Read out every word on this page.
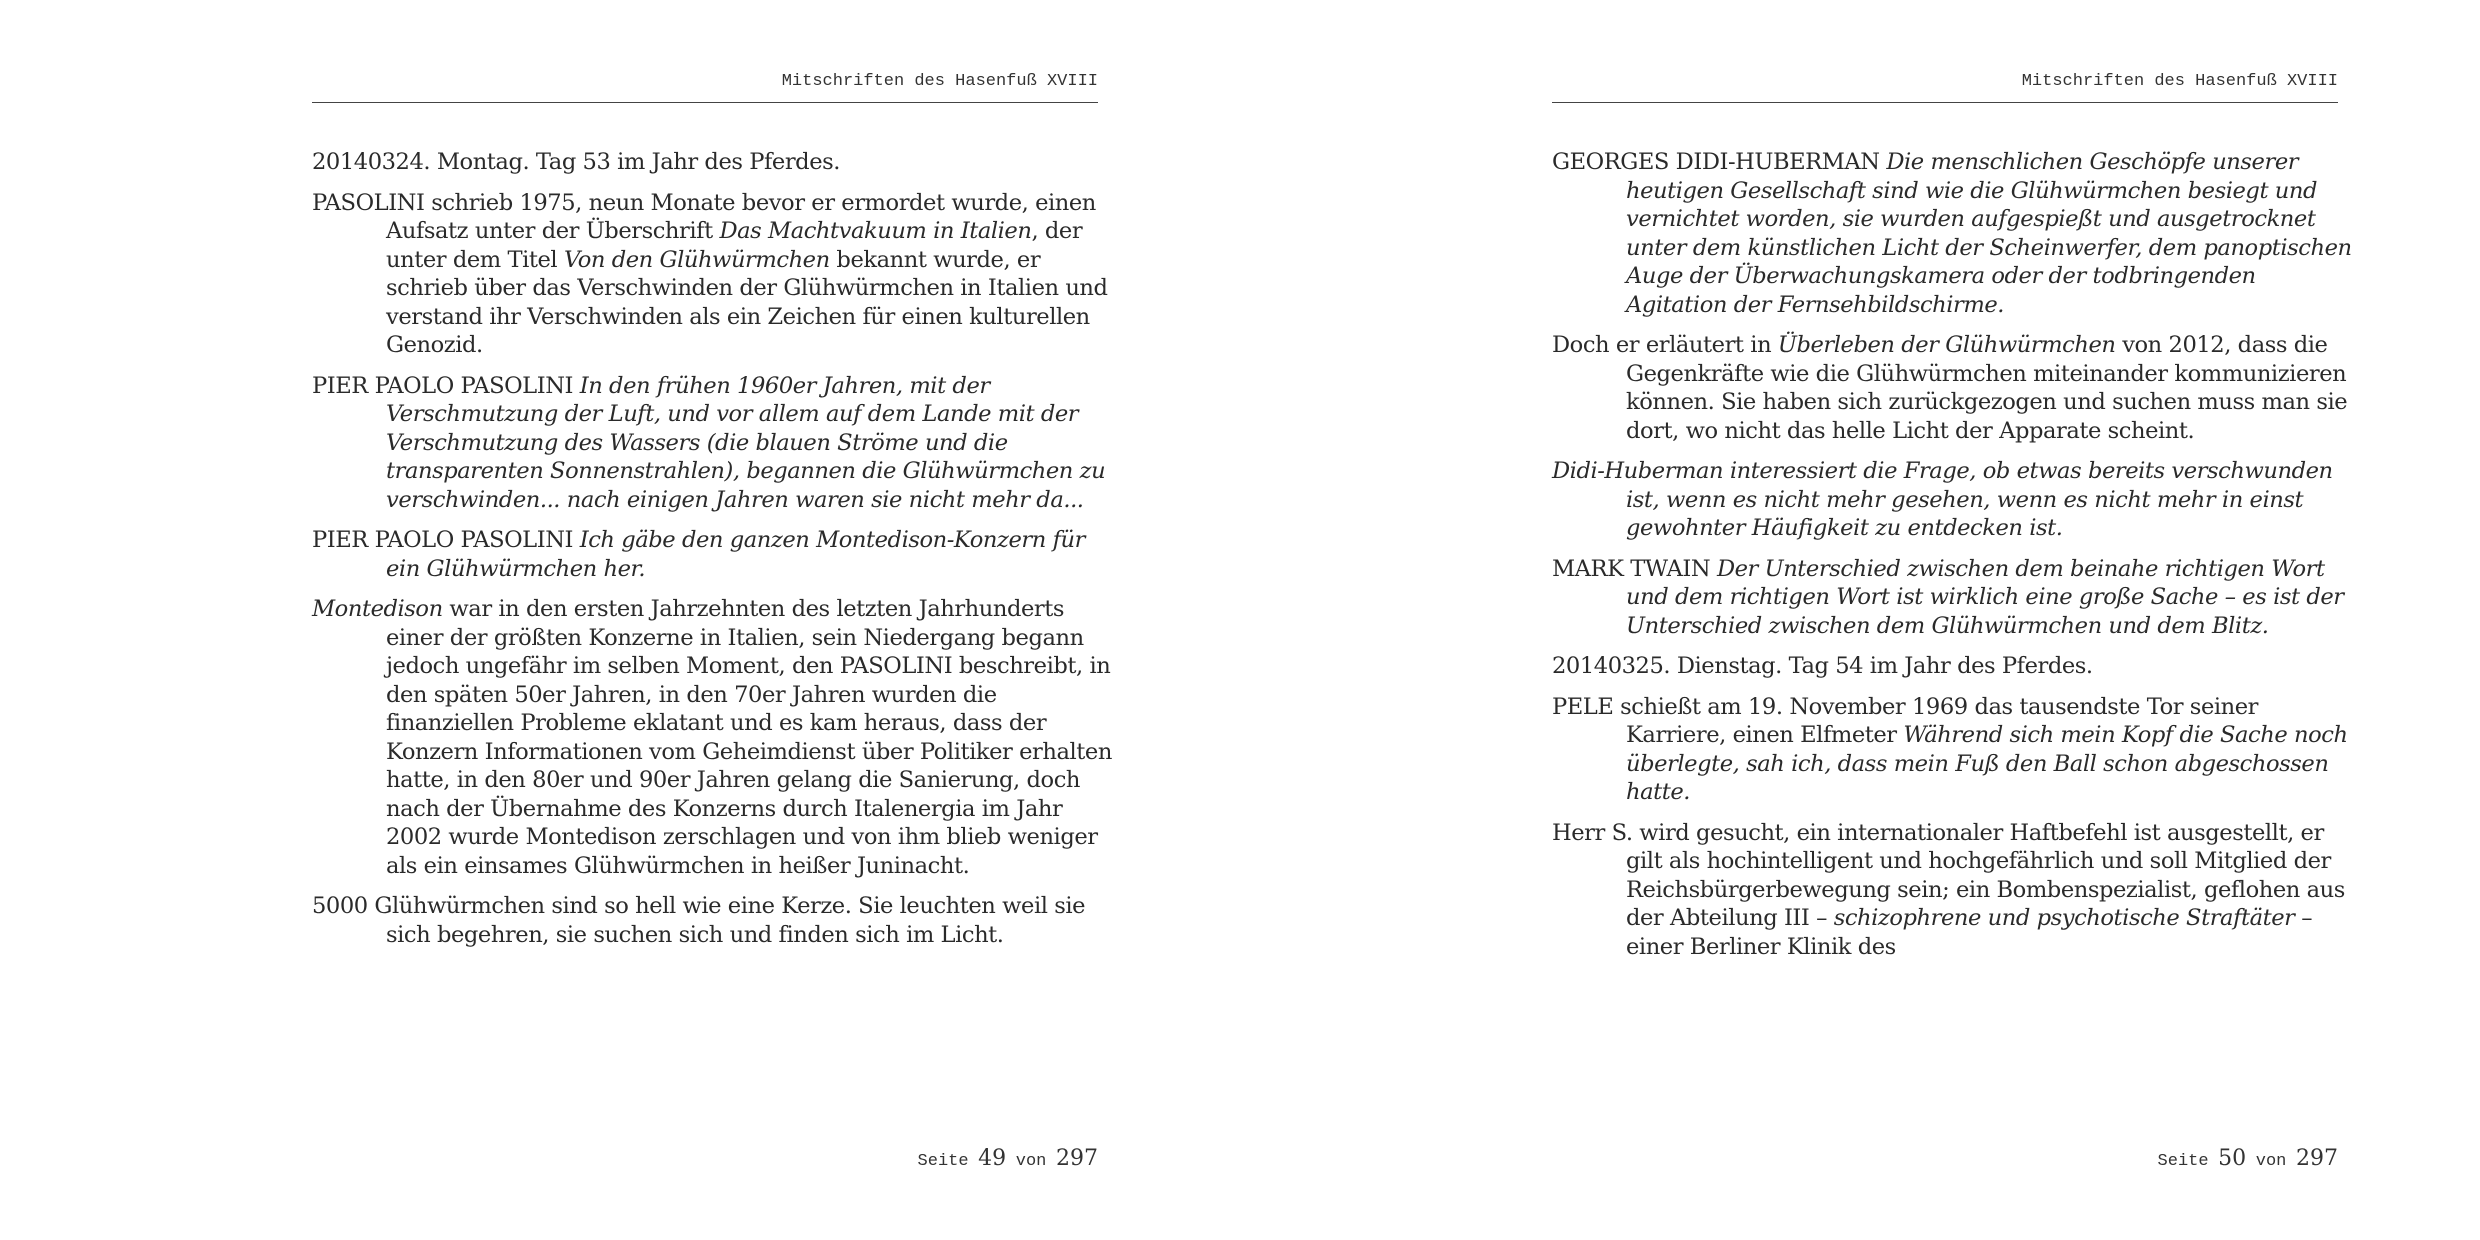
Mitschriften des Hasenfuß XVIII

20140324. Montag. Tag 53 im Jahr des Pferdes.

PASOLINI schrieb 1975, neun Monate bevor er ermordet wurde, einen Aufsatz unter der Überschrift Das Machtvakuum in Italien, der unter dem Titel Von den Glühwürmchen bekannt wurde, er schrieb über das Verschwinden der Glühwürmchen in Italien und verstand ihr Verschwinden als ein Zeichen für einen kulturellen Genozid.

PIER PAOLO PASOLINI In den frühen 1960er Jahren, mit der Verschmutzung der Luft, und vor allem auf dem Lande mit der Verschmutzung des Wassers (die blauen Ströme und die transparenten Sonnenstrahlen), begannen die Glühwürmchen zu verschwinden... nach einigen Jahren waren sie nicht mehr da...

PIER PAOLO PASOLINI Ich gäbe den ganzen Montedison-Konzern für ein Glühwürmchen her.

Montedison war in den ersten Jahrzehnten des letzten Jahrhunderts einer der größten Konzerne in Italien, sein Niedergang begann jedoch ungefähr im selben Moment, den PASOLINI beschreibt, in den späten 50er Jahren, in den 70er Jahren wurden die finanziellen Probleme eklatant und es kam heraus, dass der Konzern Informationen vom Geheimdienst über Politiker erhalten hatte, in den 80er und 90er Jahren gelang die Sanierung, doch nach der Übernahme des Konzerns durch Italenergia im Jahr 2002 wurde Montedison zerschlagen und von ihm blieb weniger als ein einsames Glühwürmchen in heißer Juninacht.

5000 Glühwürmchen sind so hell wie eine Kerze. Sie leuchten weil sie sich begehren, sie suchen sich und finden sich im Licht.

Seite 49 von 297
Mitschriften des Hasenfuß XVIII

GEORGES DIDI-HUBERMAN Die menschlichen Geschöpfe unserer heutigen Gesellschaft sind wie die Glühwürmchen besiegt und vernichtet worden, sie wurden aufgespießt und ausgetrocknet unter dem künstlichen Licht der Scheinwerfer, dem panoptischen Auge der Überwachungskamera oder der todbringenden Agitation der Fernsehbildschirme.

Doch er erläutert in Überleben der Glühwürmchen von 2012, dass die Gegenkräfte wie die Glühwürmchen miteinander kommunizieren können. Sie haben sich zurückgezogen und suchen muss man sie dort, wo nicht das helle Licht der Apparate scheint.

Didi-Huberman interessiert die Frage, ob etwas bereits verschwunden ist, wenn es nicht mehr gesehen, wenn es nicht mehr in einst gewohnter Häufigkeit zu entdecken ist.

MARK TWAIN Der Unterschied zwischen dem beinahe richtigen Wort und dem richtigen Wort ist wirklich eine große Sache – es ist der Unterschied zwischen dem Glühwürmchen und dem Blitz.

20140325. Dienstag. Tag 54 im Jahr des Pferdes.

PELE schießt am 19. November 1969 das tausendste Tor seiner Karriere, einen Elfmeter Während sich mein Kopf die Sache noch überlegte, sah ich, dass mein Fuß den Ball schon abgeschossen hatte.

Herr S. wird gesucht, ein internationaler Haftbefehl ist ausgestellt, er gilt als hochintelligent und hochgefährlich und soll Mitglied der Reichsbürgerbewegung sein; ein Bombenspezialist, geflohen aus der Abteilung III – schizophrene und psychotische Straftäter – einer Berliner Klinik des

Seite 50 von 297
